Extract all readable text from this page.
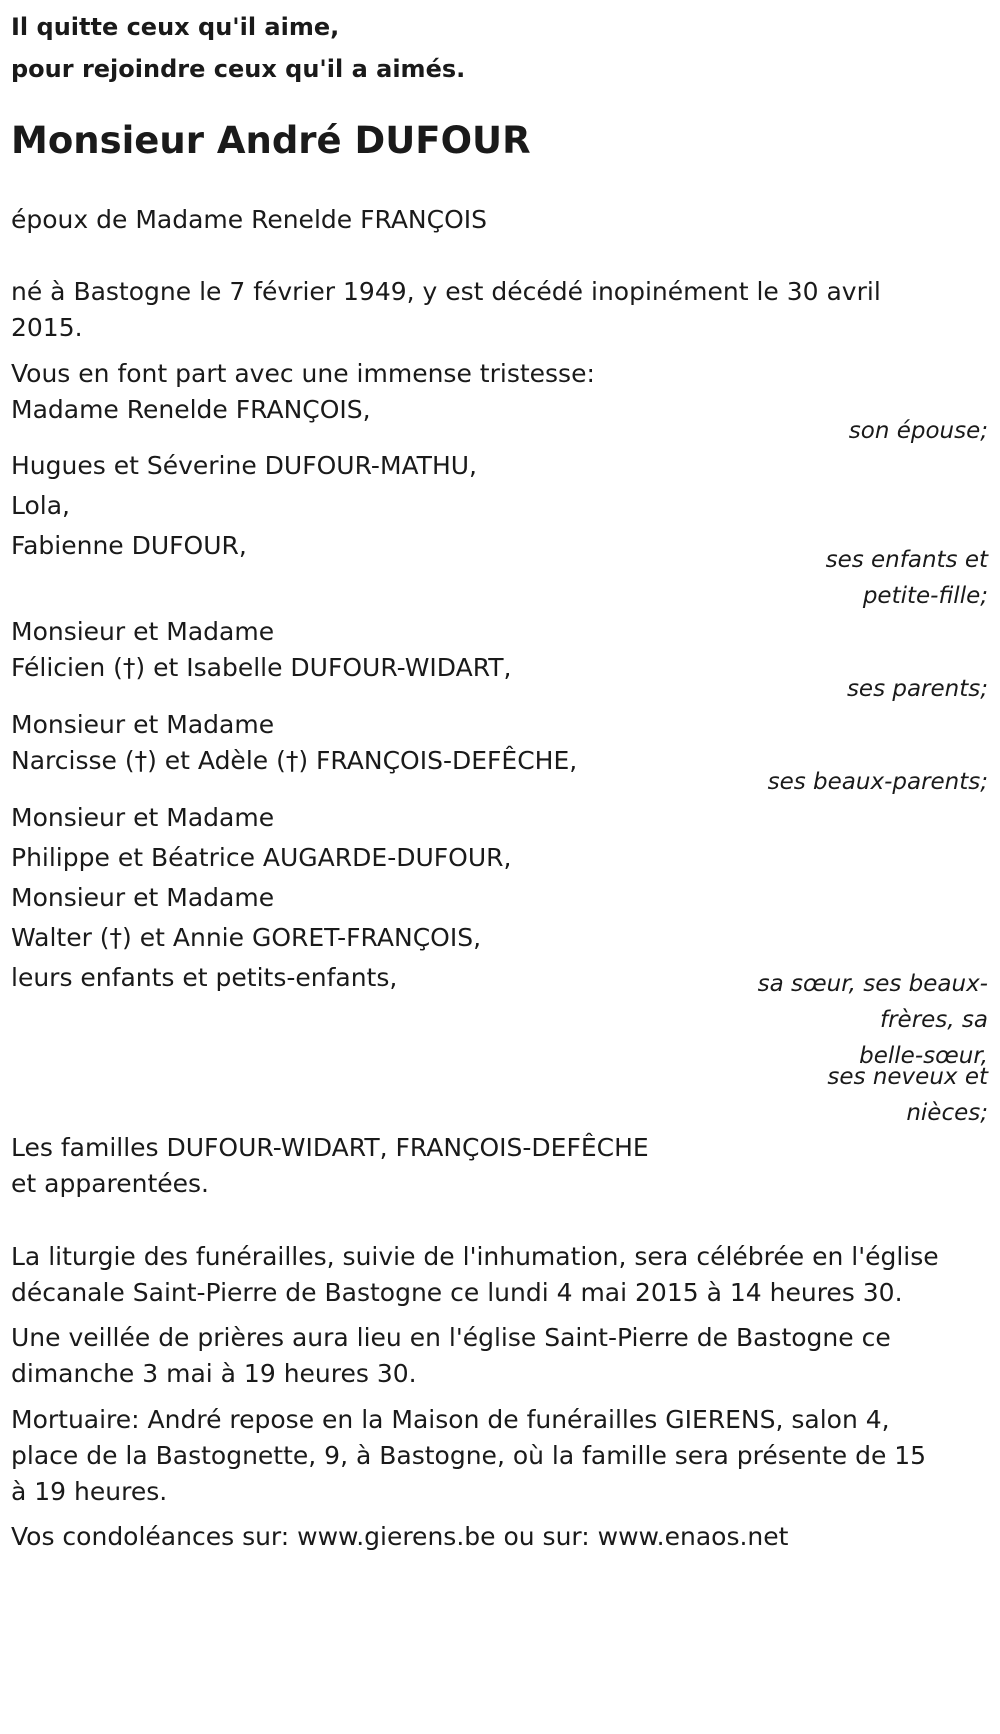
Il quitte ceux qu'il aime,
pour rejoindre ceux qu'il a aimés.
Monsieur André DUFOUR
époux de Madame Renelde FRANÇOIS
né à Bastogne le 7 février 1949, y est décédé inopinément le 30 avril
2015.
Vous en font part avec une immense tristesse:
Madame Renelde FRANÇOIS,
son épouse;
Hugues et Séverine DUFOUR-MATHU,
Lola,
Fabienne DUFOUR,	ses enfants et
petite-fille;
Monsieur et Madame
Félicien (†) et Isabelle DUFOUR-WIDART,
ses parents;
Monsieur et Madame
Narcisse (†) et Adèle (†) FRANÇOIS-DEFÊCHE,
ses beaux-parents;
Monsieur et Madame
Philippe et Béatrice AUGARDE-DUFOUR,
Monsieur et Madame
Walter (†) et Annie GORET-FRANÇOIS,
leurs enfants et petits-enfants,	sa sœur, ses beaux-
frères, sa
belle-sœur,
ses neveux et
nièces;
Les familles DUFOUR-WIDART, FRANÇOIS-DEFÊCHE
et apparentées.
La liturgie des funérailles, suivie de l'inhumation, sera célébrée en l'église
décanale Saint-Pierre de Bastogne ce lundi 4 mai 2015 à 14 heures 30.
Une veillée de prières aura lieu en l'église Saint-Pierre de Bastogne ce
dimanche 3 mai à 19 heures 30.
Mortuaire: André repose en la Maison de funérailles GIERENS, salon 4,
place de la Bastognette, 9, à Bastogne, où la famille sera présente de 15
à 19 heures.
Vos condoléances sur: www.gierens.be ou sur: www.enaos.net
